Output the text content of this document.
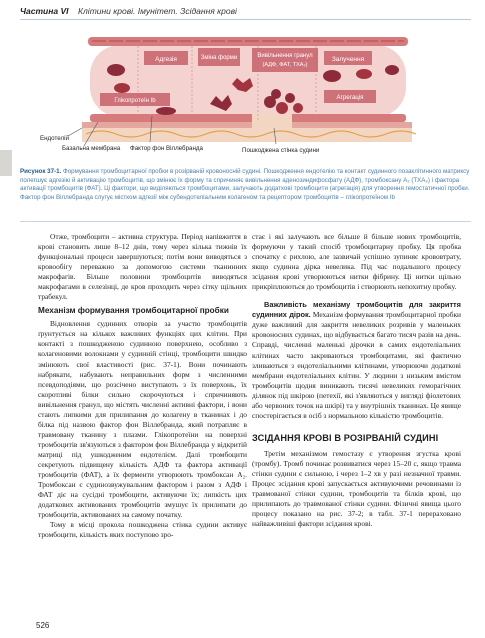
Частина VI Клітини крові. Імунітет. Зсідання крові
Адгезія	Зміна форми	Вивільнення гранул
(АДФ, ФАТ, TXA₂)
Залучення
Агрегація
Глікопротеїн Ib
Ендотелій
Базальна мембрана Фактор фон Віллебранда	Пошкоджена стінка судини
Рисунок 37-1. Формування тромбоцитарної пробки в розірваній кровоносній судині. Пошкодження ендотелію та контакт судинного позаклітинного матриксу полегшує адгезію й активацію тромбоцитів, що змінює їх форму та спричиняє вивільнення аденозиндифосфату (АДФ), тромбоксану A₂ (TXA₂) і фактора активації тромбоцитів (ФАТ). Ці фактори, що виділяються тромбоцитами, залучають додаткові тромбоцити (агрегація) для утворення гемостатичної пробки. Фактор фон Віллебранда слугує містком адгезії між субендотеліальним колагеном та рецептором тромбоцитів – глікопротеїном Ib

Отже, тромбоцити – активна структура. Період напівжиття в крові становить лише 8–12 днів, тому через кілька тижнів їх функціональні процеси завершуються; потім вони виводяться з кровообігу переважно за допомогою системи тканинних макрофагів. Більше половини тромбоцитів виводяться макрофагами в селезінці, де кров проходить через сітку щільних трабекул.

Механізм формування тромбоцитарної пробки

Відновлення судинних отворів за участю тромбоцитів ґрунтується на кількох важливих функціях цих клітин. При контакті з пошкодженою судинною поверхнею, особливо з колагеновими волокнами у судинній стінці, тромбоцити швидко змінюють свої властивості (рис. 37-1). Вони починають набрякати, набувають неправильних форм з численними псевдоподіями, що розсічено виступають з їх поверхонь, їх скоротливі білки сильно скорочуються і спричиняють вивільнення гранул, що містять численні активні фактори, і вони стають липкими для прилипання до колагену в тканинах і до білка під назвою фактор фон Віллебранда, який потрапляє в травмовану тканину з плазми. Глікопротеїни на поверхні тромбоцитів зв'язуються з фактором фон Віллебранда у відкритій матриці під ушкодженим ендотелієм. Далі тромбоцити секретують підвищену кількість АДФ та фактора активації тромбоцитів (ФАТ), а їх ферменти утворюють тромбоксан A₂. Тромбоксан є судинозвужувальним фактором і разом з АДФ і ФАТ діє на сусідні тромбоцити, активуючи їх; липкість цих додаткових активованих тромбоцитів змушує їх прилипати до тромбоцитів, активованих на самому початку.

Тому в місці прокола пошкоджена стінка судини активує тромбоцити, кількість яких поступово зро-

стає і які залучають все більше й більше нових тромбоцитів, формуючи у такий спосіб тромбоцитарну пробку. Ця пробка спочатку є рихлою, але зазвичай успішно зупиняє крововтрату, якщо судинна дірка невелика. Під час подальшого процесу зсідання крові утворюються нитки фібрину. Ці нитки щільно прикріплюються до тромбоцитів і створюють непохитну пробку.

Важливість механізму тромбоцитів для закриття судинних дірок. Механізм формування тромбоцитарної пробки дуже важливий для закриття невеликих розривів у маленьких кровоносних судинах, що відбувається багато тисяч разів на день. Справді, численні маленькі дірочки в самих ендотеліальних клітинах часто закриваються тромбоцитами, які фактично зливаються з ендотеліальними клітинами, утворюючи додаткові мембрани ендотеліальних клітин. У людини з низьким вмістом тромбоцитів щодня виникають тисячі невеликих геморагічних ділянок під шкірою (петехії, які з'являються у вигляді фіолетових або червоних точок на шкірі) та у внутрішніх тканинах. Це явище спостерігається в осіб з нормальною кількістю тромбоцитів.

ЗСІДАННЯ КРОВІ В РОЗІРВАНІЙ СУДИНІ

Третім механізмом гемостазу є утворення згустка крові (тромбу). Тромб починає розвиватися через 15–20 с, якщо травма стінки судини є сильною, і через 1–2 хв у разі незначної травми. Процес зсідання крові запускається активуючими речовинами із травмованої стінки судини, тромбоцитів та білків крові, що прилипають до травмованої стінки судини. Фізичні явища цього процесу показано на рис. 37-2; в табл. 37-1 перераховано найважливіші фактори зсідання крові.

526
